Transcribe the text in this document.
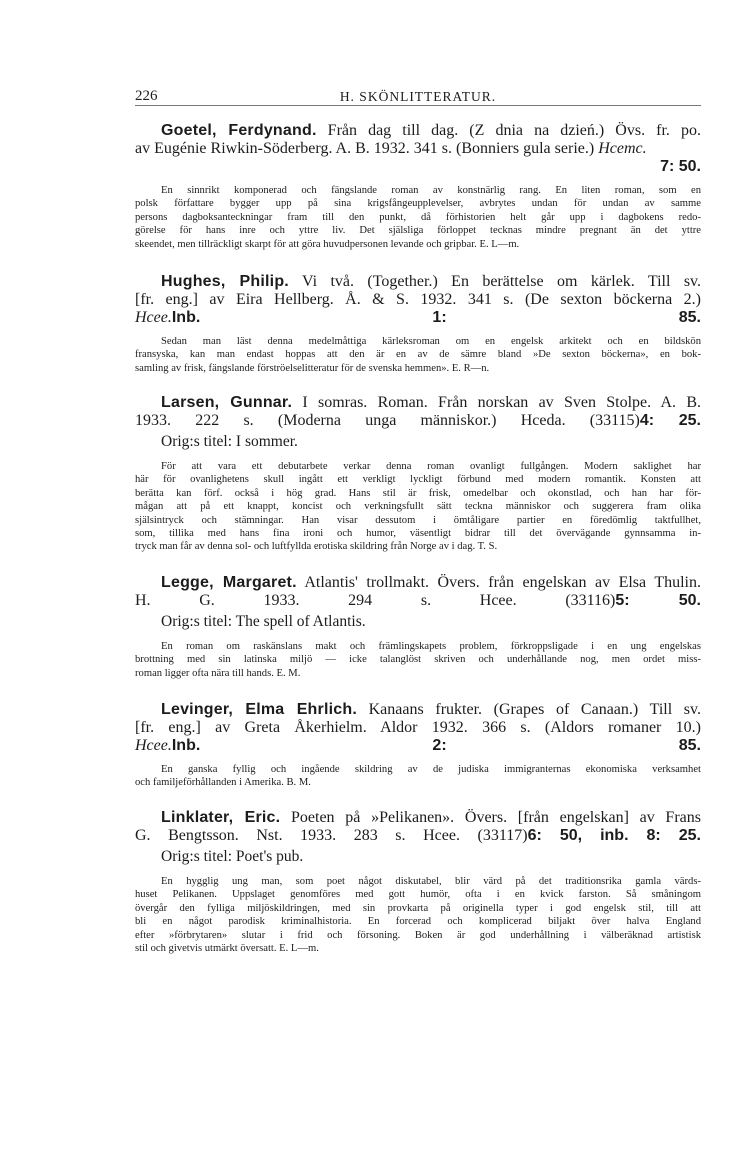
226	H. SKÖNLITTERATUR.

Goetel, Ferdynand. Från dag till dag. (Z dnia na dzień.) Övs. fr. po.

av Eugénie Riwkin-Söderberg. A. B. 1932. 341 s. (Bonniers gula serie.) Hcemc.

7: 50.

En sinnrikt komponerad och fängslande roman av konstnärlig rang. En liten roman, som en

polsk författare bygger upp på sina krigsfångeupplevelser, avbrytes undan för undan av samme

persons dagboksanteckningar fram till den punkt, då förhistorien helt går upp i dagbokens redo-

görelse för hans inre och yttre liv. Det själsliga förloppet tecknas mindre pregnant än det yttre

skeendet, men tillräckligt skarpt för att göra huvudpersonen levande och gripbar. E. L—m.

Hughes, Philip. Vi två. (Together.) En berättelse om kärlek. Till sv.

[fr. eng.] av Eira Hellberg. Å. & S. 1932. 341 s. (De sexton böckerna 2.)

Hcee.Inb. 1: 85.

Sedan man läst denna medelmåttiga kärleksroman om en engelsk arkitekt och en bildskön

fransyska, kan man endast hoppas att den är en av de sämre bland »De sexton böckerna», en bok-

samling av frisk, fängslande förströelselitteratur för de svenska hemmen». E. R—n.

Larsen, Gunnar. I somras. Roman. Från norskan av Sven Stolpe. A. B.

1933. 222 s. (Moderna unga människor.) Hceda. (33115)4: 25.

Orig:s titel: I sommer.

För att vara ett debutarbete verkar denna roman ovanligt fullgången. Modern saklighet har

här för ovanlighetens skull ingått ett verkligt lyckligt förbund med modern romantik. Konsten att

berätta kan förf. också i hög grad. Hans stil är frisk, omedelbar och okonstlad, och han har för-

mågan att på ett knappt, koncist och verkningsfullt sätt teckna människor och suggerera fram olika

själsintryck och stämningar. Han visar dessutom i ömtåligare partier en föredömlig taktfullhet,

som, tillika med hans fina ironi och humor, väsentligt bidrar till det övervägande gynnsamma in-

tryck man får av denna sol- och luftfyllda erotiska skildring från Norge av i dag. T. S.

Legge, Margaret. Atlantis' trollmakt. Övers. från engelskan av Elsa Thulin.

H. G. 1933. 294 s. Hcee. (33116)5: 50.

Orig:s titel: The spell of Atlantis.

En roman om raskänslans makt och främlingskapets problem, förkroppsligade i en ung engelskas

brottning med sin latinska miljö — icke talanglöst skriven och underhållande nog, men ordet miss-

roman ligger ofta nära till hands. E. M.

Levinger, Elma Ehrlich. Kanaans frukter. (Grapes of Canaan.) Till sv.

[fr. eng.] av Greta Åkerhielm. Aldor 1932. 366 s. (Aldors romaner 10.)

Hcee.Inb. 2: 85.

En ganska fyllig och ingående skildring av de judiska immigranternas ekonomiska verksamhet

och familjeförhållanden i Amerika. B. M.

Linklater, Eric. Poeten på »Pelikanen». Övers. [från engelskan] av Frans

G. Bengtsson. Nst. 1933. 283 s. Hcee. (33117)6: 50, inb. 8: 25.

Orig:s titel: Poet's pub.

En hygglig ung man, som poet något diskutabel, blir värd på det traditionsrika gamla värds-

huset Pelikanen. Uppslaget genomföres med gott humör, ofta i en kvick farston. Så småningom

övergår den fylliga miljöskildringen, med sin provkarta på originella typer i god engelsk stil, till att

bli en något parodisk kriminalhistoria. En forcerad och komplicerad biljakt över halva England

efter »förbrytaren» slutar i frid och försoning. Boken är god underhållning i välberäknad artistisk

stil och givetvis utmärkt översatt. E. L—m.
